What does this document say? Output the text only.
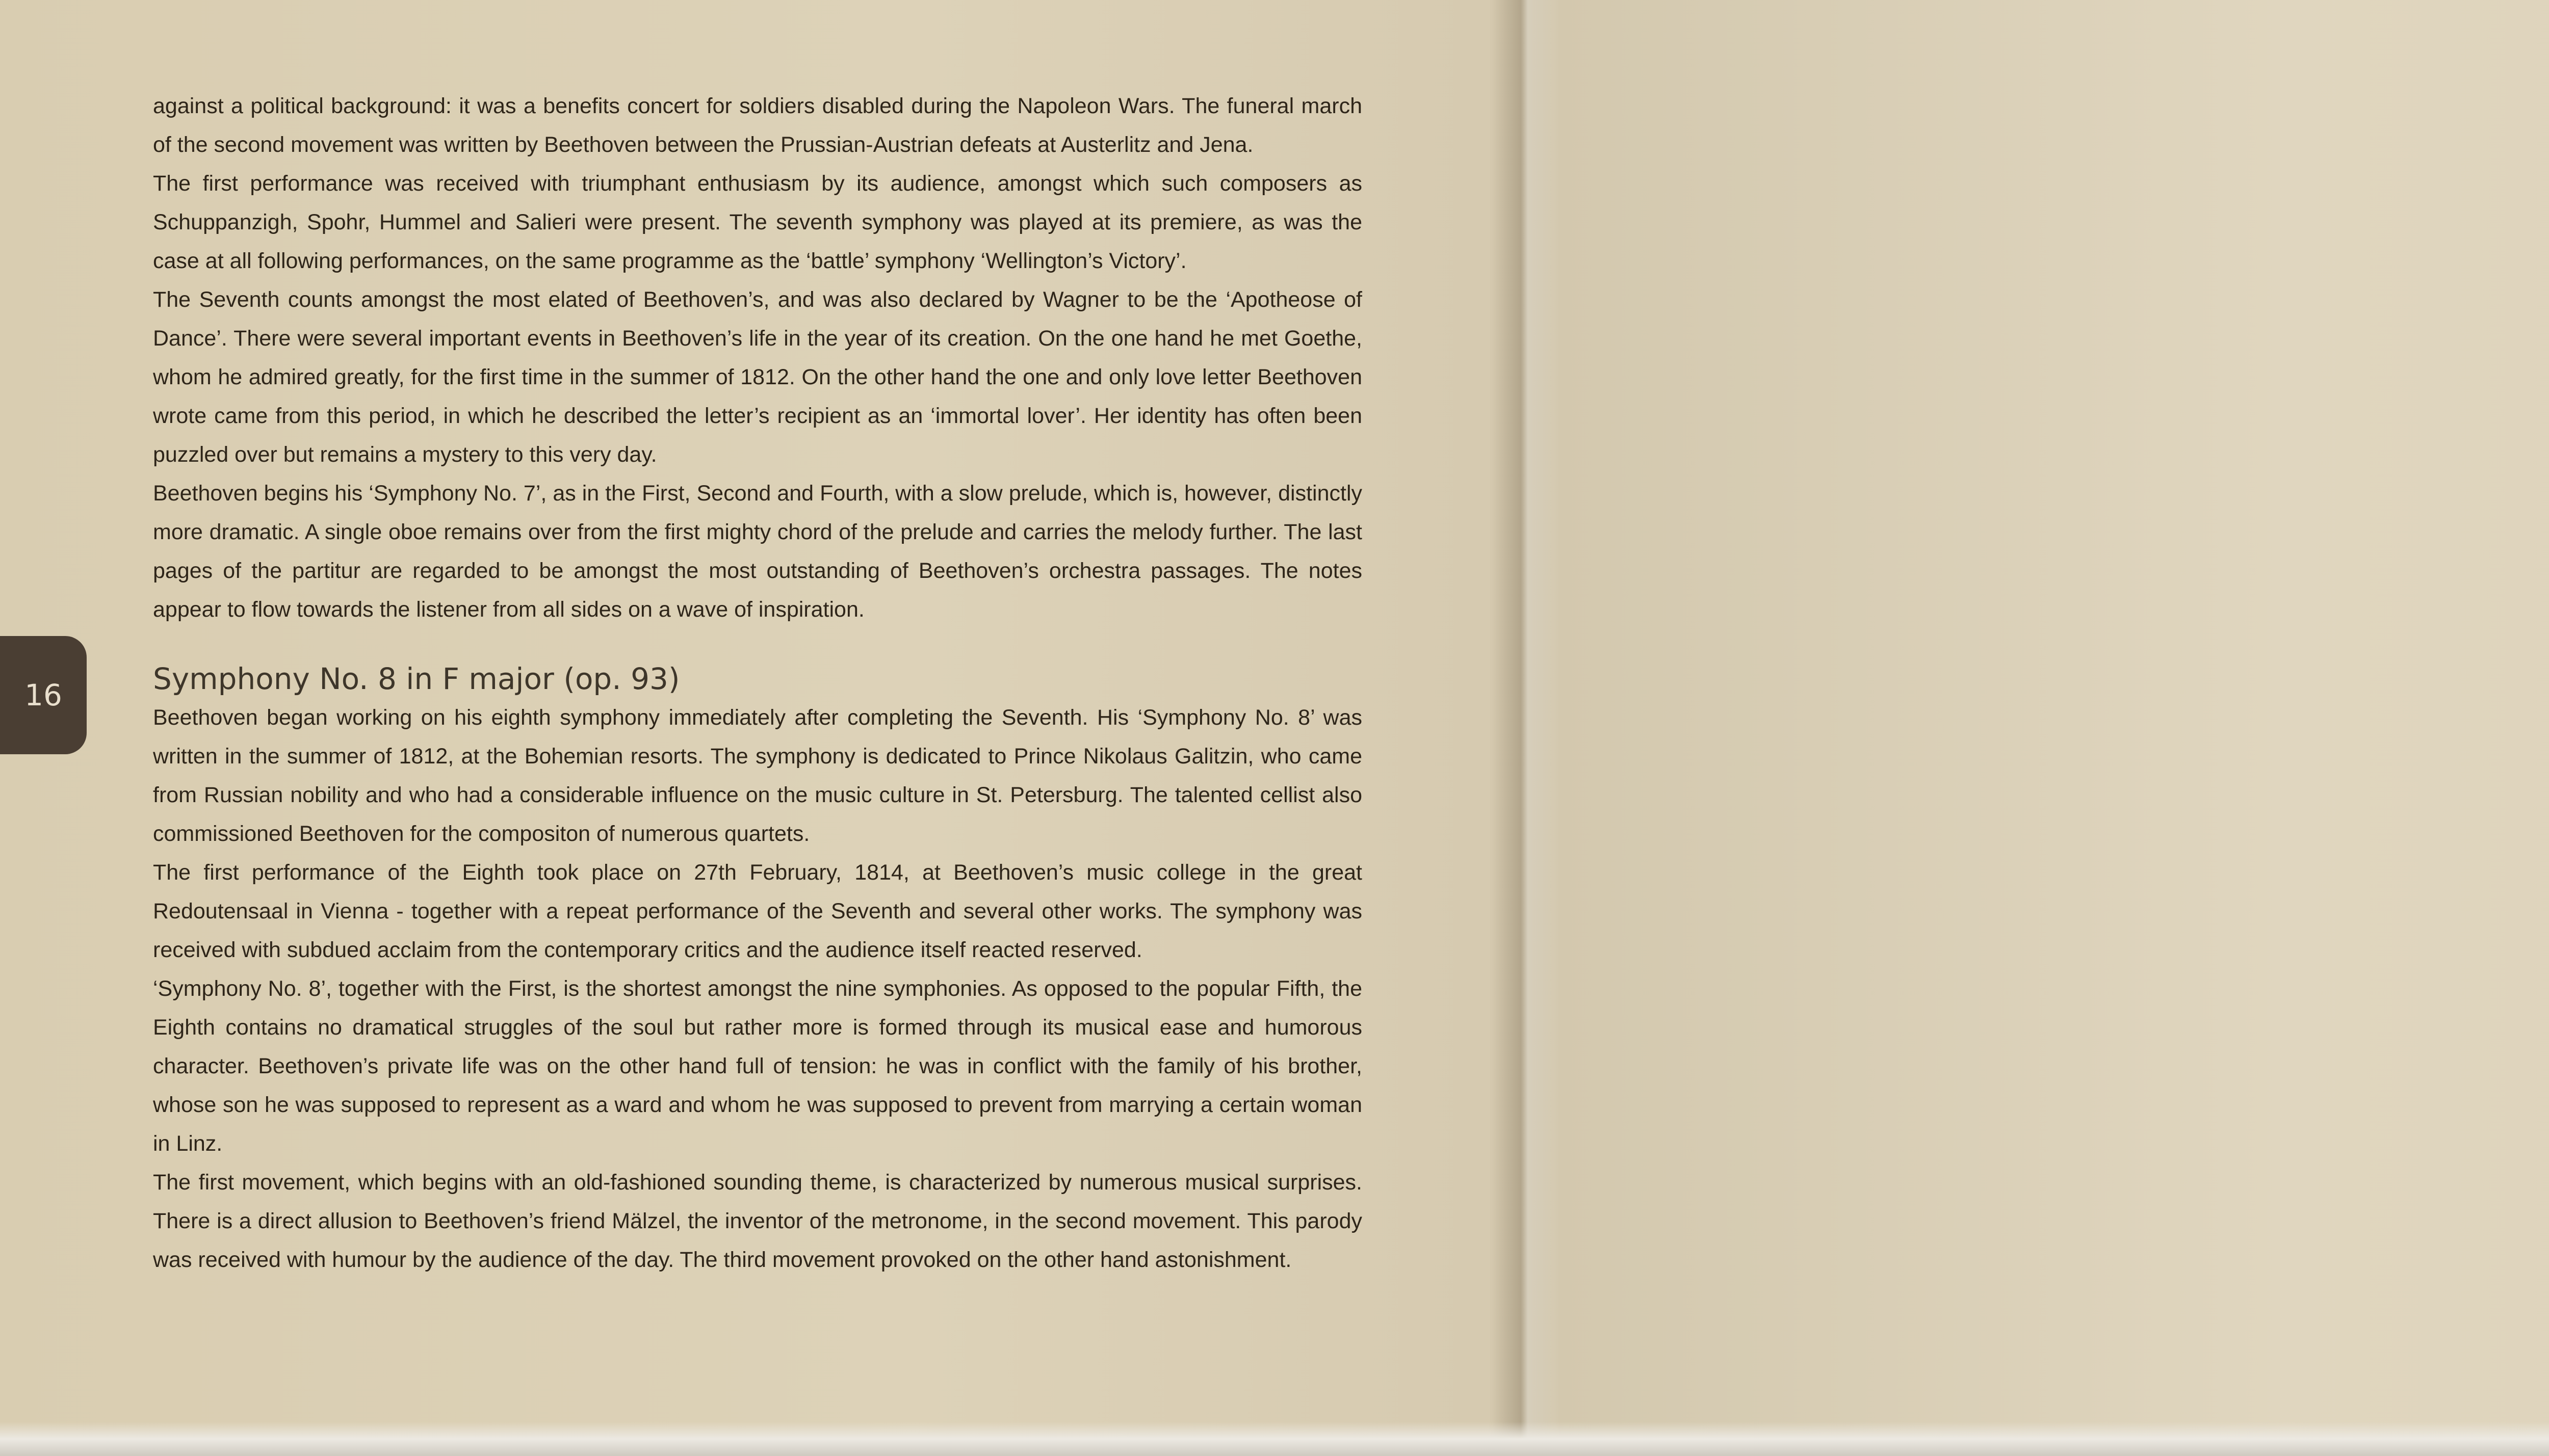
16

against a political background: it was a benefits concert for soldiers disabled during the Napoleon Wars. The funeral march of the second movement was written by Beethoven between the Prussian-Austrian defeats at Austerlitz and Jena.

The first performance was received with triumphant enthusiasm by its audience, amongst which such composers as Schuppanzigh, Spohr, Hummel and Salieri were present. The seventh symphony was played at its premiere, as was the case at all following performances, on the same programme as the ‘battle’ symphony ‘Wellington’s Victory’.

The Seventh counts amongst the most elated of Beethoven’s, and was also declared by Wagner to be the ‘Apotheose of Dance’. There were several important events in Beethoven’s life in the year of its creation. On the one hand he met Goethe, whom he admired greatly, for the first time in the summer of 1812. On the other hand the one and only love letter Beethoven wrote came from this period, in which he described the letter’s recipient as an ‘immortal lover’. Her identity has often been puzzled over but remains a mystery to this very day.

Beethoven begins his ‘Symphony No. 7’, as in the First, Second and Fourth, with a slow prelude, which is, however, distinctly more dramatic. A single oboe remains over from the first mighty chord of the prelude and carries the melody further. The last pages of the partitur are regarded to be amongst the most outstanding of Beethoven’s orchestra passages. The notes appear to flow towards the listener from all sides on a wave of inspiration.

Symphony No. 8 in F major (op. 93)

Beethoven began working on his eighth symphony immediately after completing the Seventh. His ‘Symphony No. 8’ was written in the summer of 1812, at the Bohemian resorts. The symphony is dedicated to Prince Nikolaus Galitzin, who came from Russian nobility and who had a considerable influence on the music culture in St. Petersburg. The talented cellist also commissioned Beethoven for the compositon of numerous quartets.

The first performance of the Eighth took place on 27th February, 1814, at Beethoven’s music college in the great Redoutensaal in Vienna - together with a repeat performance of the Seventh and several other works. The symphony was received with subdued acclaim from the contemporary critics and the audience itself reacted reserved.

‘Symphony No. 8’, together with the First, is the shortest amongst the nine symphonies. As opposed to the popular Fifth, the Eighth contains no dramatical struggles of the soul but rather more is formed through its musical ease and humorous character. Beethoven’s private life was on the other hand full of tension: he was in conflict with the family of his brother, whose son he was supposed to represent as a ward and whom he was supposed to prevent from marrying a certain woman in Linz.

The first movement, which begins with an old-fashioned sounding theme, is characterized by numerous musical surprises. There is a direct allusion to Beethoven’s friend Mälzel, the inventor of the metronome, in the second movement. This parody was received with humour by the audience of the day. The third movement provoked on the other hand astonishment.
